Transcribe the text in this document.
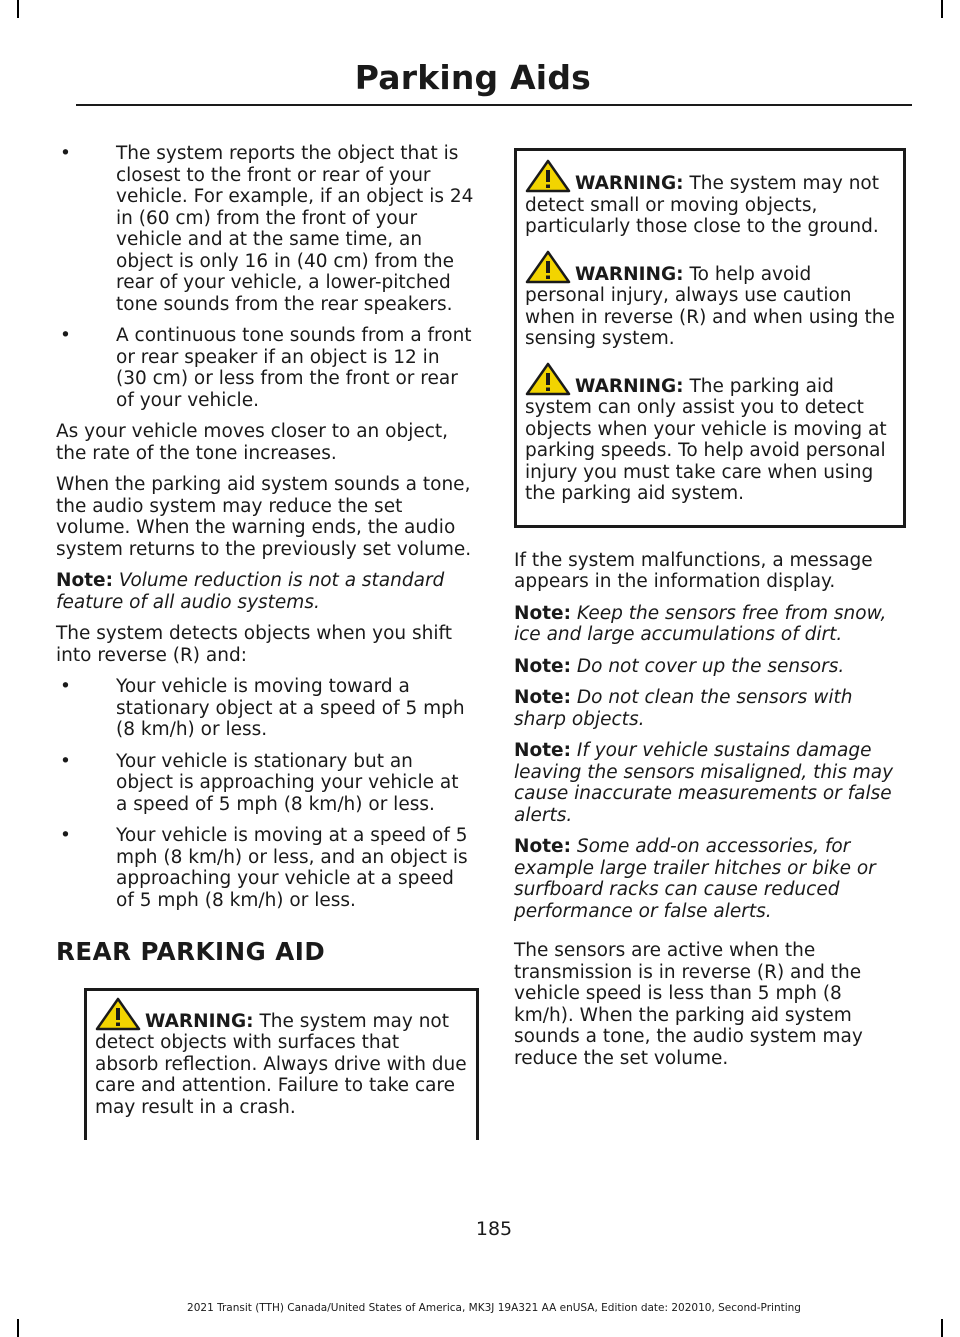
Parking Aids
• The system reports the object that is closest to the front or rear of your vehicle. For example, if an object is 24 in (60 cm) from the front of your vehicle and at the same time, an object is only 16 in (40 cm) from the rear of your vehicle, a lower-pitched tone sounds from the rear speakers.
• A continuous tone sounds from a front or rear speaker if an object is 12 in (30 cm) or less from the front or rear of your vehicle.

As your vehicle moves closer to an object, the rate of the tone increases.

When the parking aid system sounds a tone, the audio system may reduce the set volume. When the warning ends, the audio system returns to the previously set volume.

Note: Volume reduction is not a standard feature of all audio systems.

The system detects objects when you shift into reverse (R) and:

• Your vehicle is moving toward a stationary object at a speed of 5 mph (8 km/h) or less.
• Your vehicle is stationary but an object is approaching your vehicle at a speed of 5 mph (8 km/h) or less.
• Your vehicle is moving at a speed of 5 mph (8 km/h) or less, and an object is approaching your vehicle at a speed of 5 mph (8 km/h) or less.
REAR PARKING AID
WARNING: The system may not detect objects with surfaces that absorb reflection. Always drive with due care and attention. Failure to take care may result in a crash.
WARNING: The system may not detect small or moving objects, particularly those close to the ground.
WARNING: To help avoid personal injury, always use caution when in reverse (R) and when using the sensing system.
WARNING: The parking aid system can only assist you to detect objects when your vehicle is moving at parking speeds. To help avoid personal injury you must take care when using the parking aid system.

If the system malfunctions, a message appears in the information display.

Note: Keep the sensors free from snow, ice and large accumulations of dirt.

Note: Do not cover up the sensors.

Note: Do not clean the sensors with sharp objects.

Note: If your vehicle sustains damage leaving the sensors misaligned, this may cause inaccurate measurements or false alerts.

Note: Some add-on accessories, for example large trailer hitches or bike or surfboard racks can cause reduced performance or false alerts.

The sensors are active when the transmission is in reverse (R) and the vehicle speed is less than 5 mph (8 km/h). When the parking aid system sounds a tone, the audio system may reduce the set volume.

185
2021 Transit (TTH) Canada/United States of America, MK3J 19A321 AA enUSA, Edition date: 202010, Second-Printing
